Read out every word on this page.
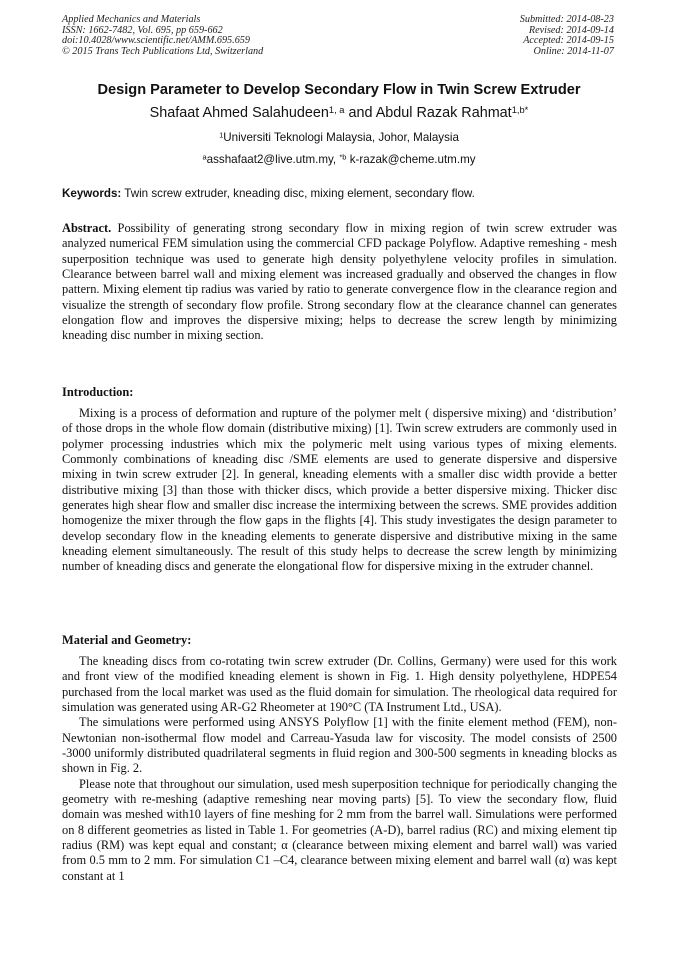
Applied Mechanics and Materials
ISSN: 1662-7482, Vol. 695, pp 659-662
doi:10.4028/www.scientific.net/AMM.695.659
© 2015 Trans Tech Publications Ltd, Switzerland
Submitted: 2014-08-23
Revised: 2014-09-14
Accepted: 2014-09-15
Online: 2014-11-07
Design Parameter to Develop Secondary Flow in Twin Screw Extruder
Shafaat Ahmed Salahudeen$^{1, a}$ and Abdul Razak Rahmat$^{1,b*}$
$^1$Universiti Teknologi Malaysia, Johor, Malaysia
$^a$asshafaat2@live.utm.my, $^{*b}$ k-razak@cheme.utm.my
Keywords: Twin screw extruder, kneading disc, mixing element, secondary flow.

Abstract. Possibility of generating strong secondary flow in mixing region of twin screw extruder was analyzed numerical FEM simulation using the commercial CFD package Polyflow. Adaptive remeshing - mesh superposition technique was used to generate high density polyethylene velocity profiles in simulation. Clearance between barrel wall and mixing element was increased gradually and observed the changes in flow pattern. Mixing element tip radius was varied by ratio to generate convergence flow in the clearance region and visualize the strength of secondary flow profile. Strong secondary flow at the clearance channel can generates elongation flow and improves the dispersive mixing; helps to decrease the screw length by minimizing kneading disc number in mixing section.

Introduction:

Mixing is a process of deformation and rupture of the polymer melt ( dispersive mixing) and ‘distribution’ of those drops in the whole flow domain (distributive mixing) [1]. Twin screw extruders are commonly used in polymer processing industries which mix the polymeric melt using various types of mixing elements. Commonly combinations of kneading disc /SME elements are used to generate dispersive and dispersive mixing in twin screw extruder [2]. In general, kneading elements with a smaller disc width provide a better distributive mixing [3] than those with thicker discs, which provide a better dispersive mixing. Thicker disc generates high shear flow and smaller disc increase the intermixing between the screws. SME provides addition homogenize the mixer through the flow gaps in the flights [4]. This study investigates the design parameter to develop secondary flow in the kneading elements to generate dispersive and distributive mixing in the same kneading element simultaneously. The result of this study helps to decrease the screw length by minimizing number of kneading discs and generate the elongational flow for dispersive mixing in the extruder channel.

Material and Geometry:

The kneading discs from co-rotating twin screw extruder (Dr. Collins, Germany) were used for this work and front view of the modified kneading element is shown in Fig. 1. High density polyethylene, HDPE54 purchased from the local market was used as the fluid domain for simulation. The rheological data required for simulation was generated using AR-G2 Rheometer at 190°C (TA Instrument Ltd., USA).

The simulations were performed using ANSYS Polyflow [1] with the finite element method (FEM), non-Newtonian non-isothermal flow model and Carreau-Yasuda law for viscosity. The model consists of 2500 -3000 uniformly distributed quadrilateral segments in fluid region and 300-500 segments in kneading blocks as shown in Fig. 2.

Please note that throughout our simulation, used mesh superposition technique for periodically changing the geometry with re-meshing (adaptive remeshing near moving parts) [5]. To view the secondary flow, fluid domain was meshed with10 layers of fine meshing for 2 mm from the barrel wall. Simulations were performed on 8 different geometries as listed in Table 1. For geometries (A-D), barrel radius (RC) and mixing element tip radius (RM) was kept equal and constant; α (clearance between mixing element and barrel wall) was varied from 0.5 mm to 2 mm. For simulation C1 –C4, clearance between mixing element and barrel wall (α) was kept constant at 1
